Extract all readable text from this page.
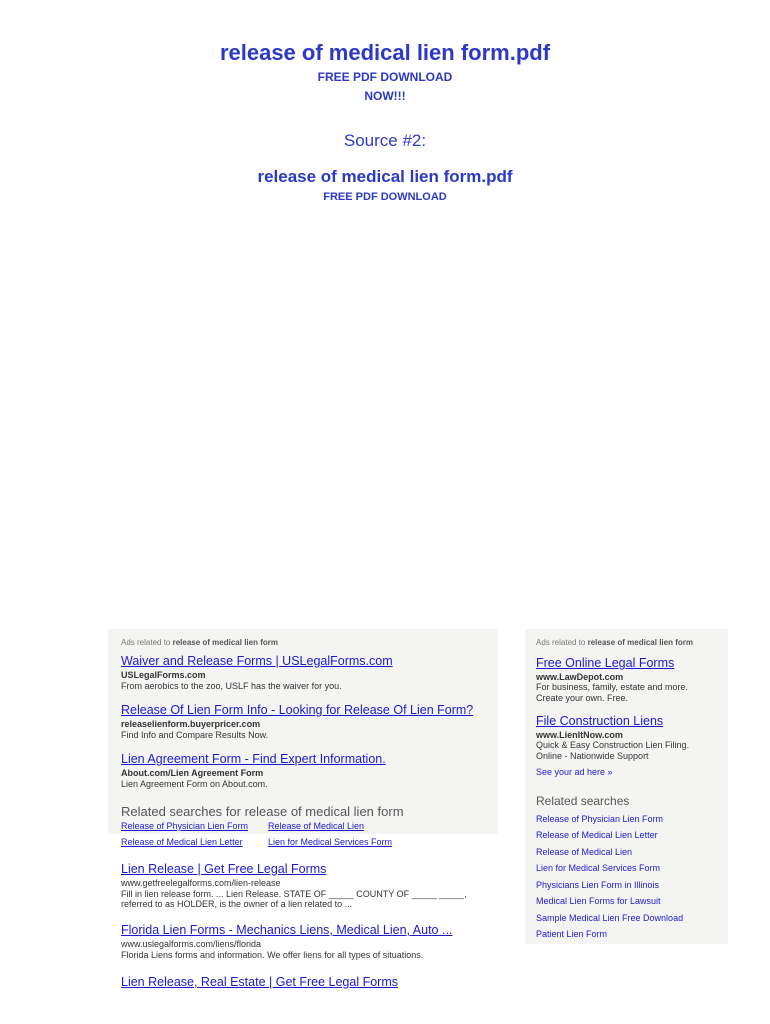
release of medical lien form.pdf
FREE PDF DOWNLOAD
NOW!!!
Source #2:
release of medical lien form.pdf
FREE PDF DOWNLOAD
Ads related to release of medical lien form
Waiver and Release Forms | USLegalForms.com
USLegalForms.com
From aerobics to the zoo, USLF has the waiver for you.
Release Of Lien Form Info - Looking for Release Of Lien Form?
releaselienform.buyerpricer.com
Find Info and Compare Results Now.
Lien Agreement Form - Find Expert Information.
About.com/Lien Agreement Form
Lien Agreement Form on About.com.
Related searches for release of medical lien form
Release of Physician Lien Form Release of Medical Lien
Release of Medical Lien Letter	Lien for Medical Services Form
Lien Release | Get Free Legal Forms
www.getfreelegalforms.com/lien-release
Fill in lien release form. ... Lien Release. STATE OF _____ COUNTY OF _____ _____,
referred to as HOLDER, is the owner of a lien related to ...
Florida Lien Forms - Mechanics Liens, Medical Lien, Auto ...
www.uslegalforms.com/liens/florida
Florida Liens forms and information. We offer liens for all types of situations.
Lien Release, Real Estate | Get Free Legal Forms
Ads related to release of medical lien form
Free Online Legal Forms
www.LawDepot.com
For business, family, estate and more. Create your own. Free.
File Construction Liens
www.LienItNow.com
Quick & Easy Construction Lien Filing. Online - Nationwide Support
See your ad here »
Related searches
Release of Physician Lien Form
Release of Medical Lien Letter
Release of Medical Lien
Lien for Medical Services Form
Physicians Lien Form in Illinois
Medical Lien Forms for Lawsuit
Sample Medical Lien Free Download
Patient Lien Form
